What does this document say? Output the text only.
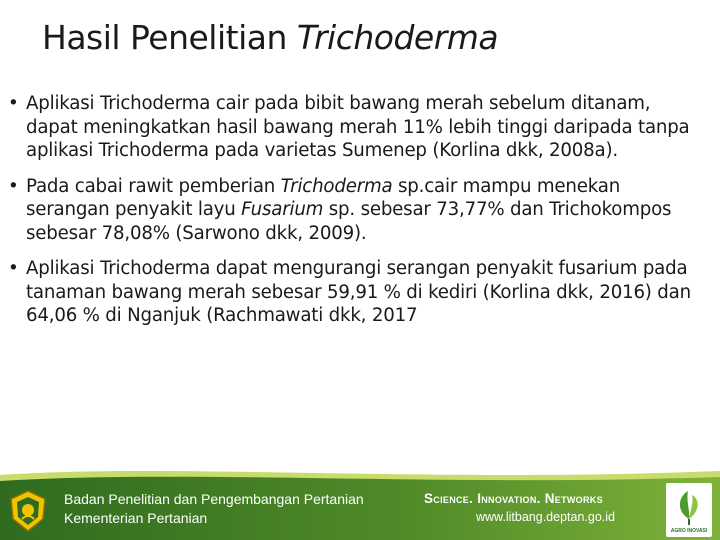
Hasil Penelitian Trichoderma
• Aplikasi Trichoderma cair pada bibit bawang merah sebelum ditanam, dapat meningkatkan hasil bawang merah 11% lebih tinggi daripada tanpa aplikasi Trichoderma pada varietas Sumenep (Korlina dkk, 2008a).
• Pada cabai rawit pemberian Trichoderma sp.cair mampu menekan serangan penyakit layu Fusarium sp. sebesar 73,77% dan Trichokompos sebesar 78,08% (Sarwono dkk, 2009).
• Aplikasi Trichoderma dapat mengurangi serangan penyakit fusarium pada tanaman bawang merah sebesar 59,91 % di kediri (Korlina dkk, 2016) dan 64,06 % di Nganjuk (Rachmawati dkk, 2017
Badan Penelitian dan Pengembangan Pertanian
Kementerian Pertanian
Science. Innovation. Networks
www.litbang.deptan.go.id
AGRO INOVASI
